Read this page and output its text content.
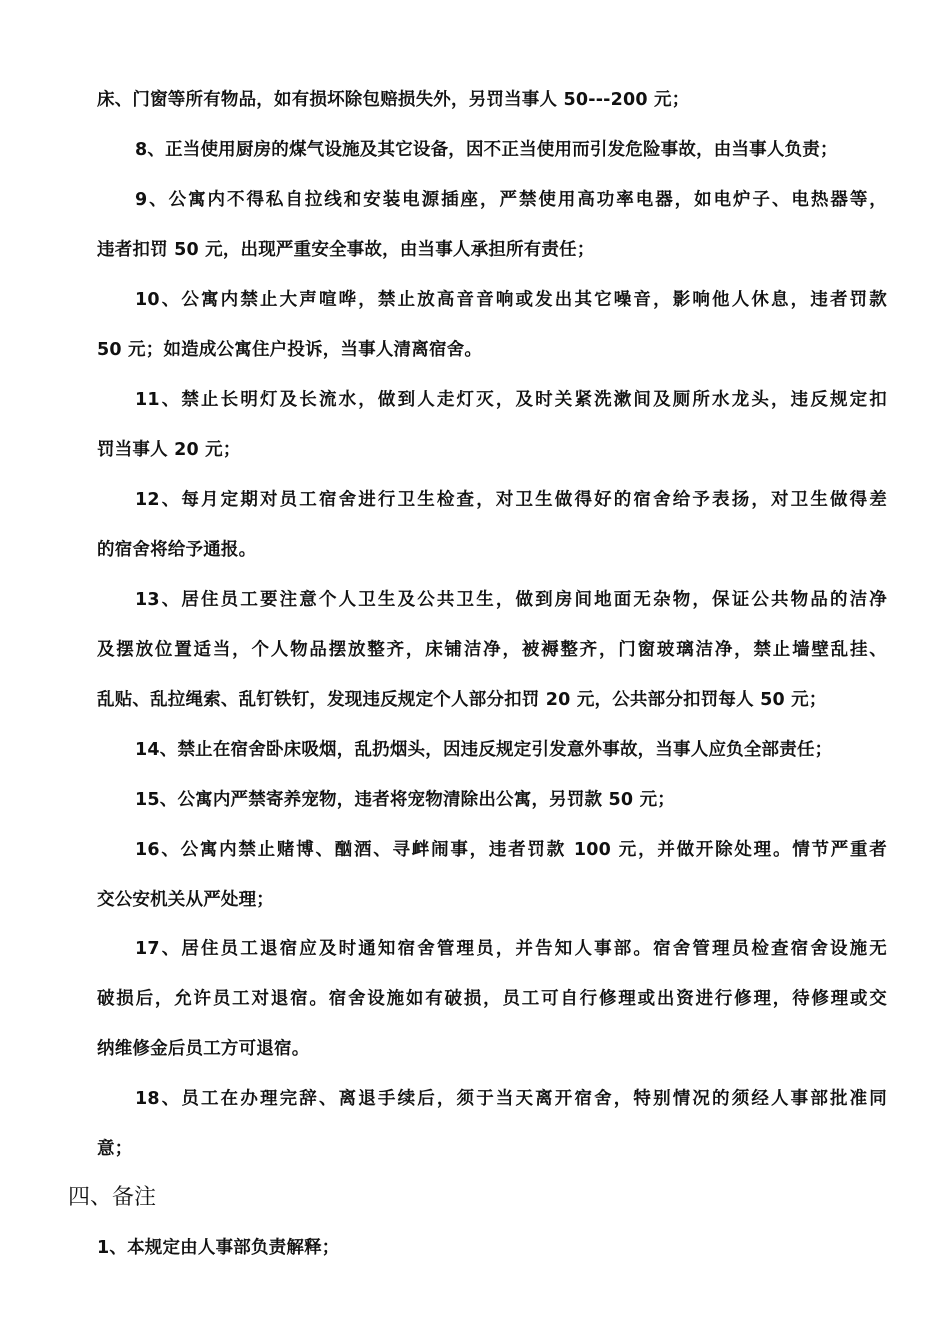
床、门窗等所有物品，如有损坏除包赔损失外，另罚当事人 50---200 元；
8、正当使用厨房的煤气设施及其它设备，因不正当使用而引发危险事故，由当事人负责；
9、公寓内不得私自拉线和安装电源插座，严禁使用高功率电器，如电炉子、电热器等，
违者扣罚 50 元，出现严重安全事故，由当事人承担所有责任；
10、公寓内禁止大声喧哗，禁止放高音音响或发出其它噪音，影响他人休息，违者罚款
50 元；如造成公寓住户投诉，当事人清离宿舍。
11、禁止长明灯及长流水，做到人走灯灭，及时关紧洗漱间及厕所水龙头，违反规定扣
罚当事人 20 元；
12、每月定期对员工宿舍进行卫生检查，对卫生做得好的宿舍给予表扬，对卫生做得差
的宿舍将给予通报。
13、居住员工要注意个人卫生及公共卫生，做到房间地面无杂物，保证公共物品的洁净
及摆放位置适当，个人物品摆放整齐，床铺洁净，被褥整齐，门窗玻璃洁净，禁止墙壁乱挂、
乱贴、乱拉绳索、乱钉铁钉，发现违反规定个人部分扣罚 20 元，公共部分扣罚每人 50 元；
14、禁止在宿舍卧床吸烟，乱扔烟头，因违反规定引发意外事故，当事人应负全部责任；
15、公寓内严禁寄养宠物，违者将宠物清除出公寓，另罚款 50 元；
16、公寓内禁止赌博、酗酒、寻衅闹事，违者罚款 100 元，并做开除处理。情节严重者
交公安机关从严处理；
17、居住员工退宿应及时通知宿舍管理员，并告知人事部。宿舍管理员检查宿舍设施无
破损后，允许员工对退宿。宿舍设施如有破损，员工可自行修理或出资进行修理，待修理或交
纳维修金后员工方可退宿。
18、员工在办理完辞、离退手续后，须于当天离开宿舍，特别情况的须经人事部批准同
意；
四、备注
1、本规定由人事部负责解释；
